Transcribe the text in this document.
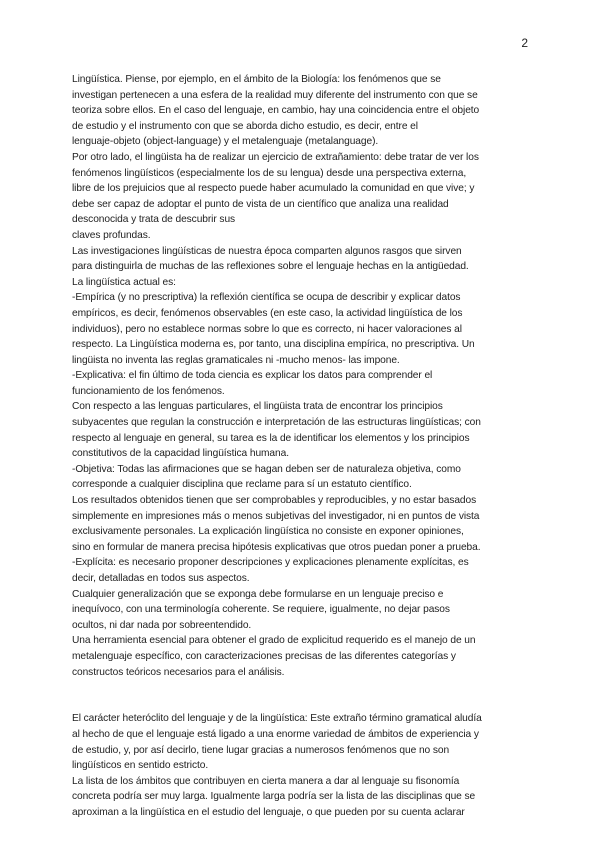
2
Lingüística. Piense, por ejemplo, en el ámbito de la Biología: los fenómenos que se
investigan pertenecen a una esfera de la realidad muy diferente del instrumento con que se
teoriza sobre ellos. En el caso del lenguaje, en cambio, hay una coincidencia entre el objeto
de estudio y el instrumento con que se aborda dicho estudio, es decir, entre el
lenguaje-objeto (object-language) y el metalenguaje (metalanguage).
Por otro lado, el lingüista ha de realizar un ejercicio de extrañamiento: debe tratar de ver los
fenómenos lingüísticos (especialmente los de su lengua) desde una perspectiva externa,
libre de los prejuicios que al respecto puede haber acumulado la comunidad en que vive; y
debe ser capaz de adoptar el punto de vista de un científico que analiza una realidad
desconocida y trata de descubrir sus
claves profundas.
Las investigaciones lingüísticas de nuestra época comparten algunos rasgos que sirven
para distinguirla de muchas de las reflexiones sobre el lenguaje hechas en la antigüedad.
La lingüística actual es:
-Empírica (y no prescriptiva) la reflexión científica se ocupa de describir y explicar datos
empíricos, es decir, fenómenos observables (en este caso, la actividad lingüística de los
individuos), pero no establece normas sobre lo que es correcto, ni hacer valoraciones al
respecto. La Lingüística moderna es, por tanto, una disciplina empírica, no prescriptiva. Un
lingüista no inventa las reglas gramaticales ni -mucho menos- las impone.
-Explicativa: el fin último de toda ciencia es explicar los datos para comprender el
funcionamiento de los fenómenos.
Con respecto a las lenguas particulares, el lingüista trata de encontrar los principios
subyacentes que regulan la construcción e interpretación de las estructuras lingüísticas; con
respecto al lenguaje en general, su tarea es la de identificar los elementos y los principios
constitutivos de la capacidad lingüística humana.
-Objetiva: Todas las afirmaciones que se hagan deben ser de naturaleza objetiva, como
corresponde a cualquier disciplina que reclame para sí un estatuto científico.
Los resultados obtenidos tienen que ser comprobables y reproducibles, y no estar basados
simplemente en impresiones más o menos subjetivas del investigador, ni en puntos de vista
exclusivamente personales. La explicación lingüística no consiste en exponer opiniones,
sino en formular de manera precisa hipótesis explicativas que otros puedan poner a prueba.
-Explícita: es necesario proponer descripciones y explicaciones plenamente explícitas, es
decir, detalladas en todos sus aspectos.
Cualquier generalización que se exponga debe formularse en un lenguaje preciso e
inequívoco, con una terminología coherente. Se requiere, igualmente, no dejar pasos
ocultos, ni dar nada por sobreentendido.
Una herramienta esencial para obtener el grado de explicitud requerido es el manejo de un
metalenguaje específico, con caracterizaciones precisas de las diferentes categorías y
constructos teóricos necesarios para el análisis.
El carácter heteróclito del lenguaje y de la lingüística: Este extraño término gramatical aludía
al hecho de que el lenguaje está ligado a una enorme variedad de ámbitos de experiencia y
de estudio, y, por así decirlo, tiene lugar gracias a numerosos fenómenos que no son
lingüísticos en sentido estricto.
La lista de los ámbitos que contribuyen en cierta manera a dar al lenguaje su fisonomía
concreta podría ser muy larga. Igualmente larga podría ser la lista de las disciplinas que se
aproximan a la lingüística en el estudio del lenguaje, o que pueden por su cuenta aclarar
